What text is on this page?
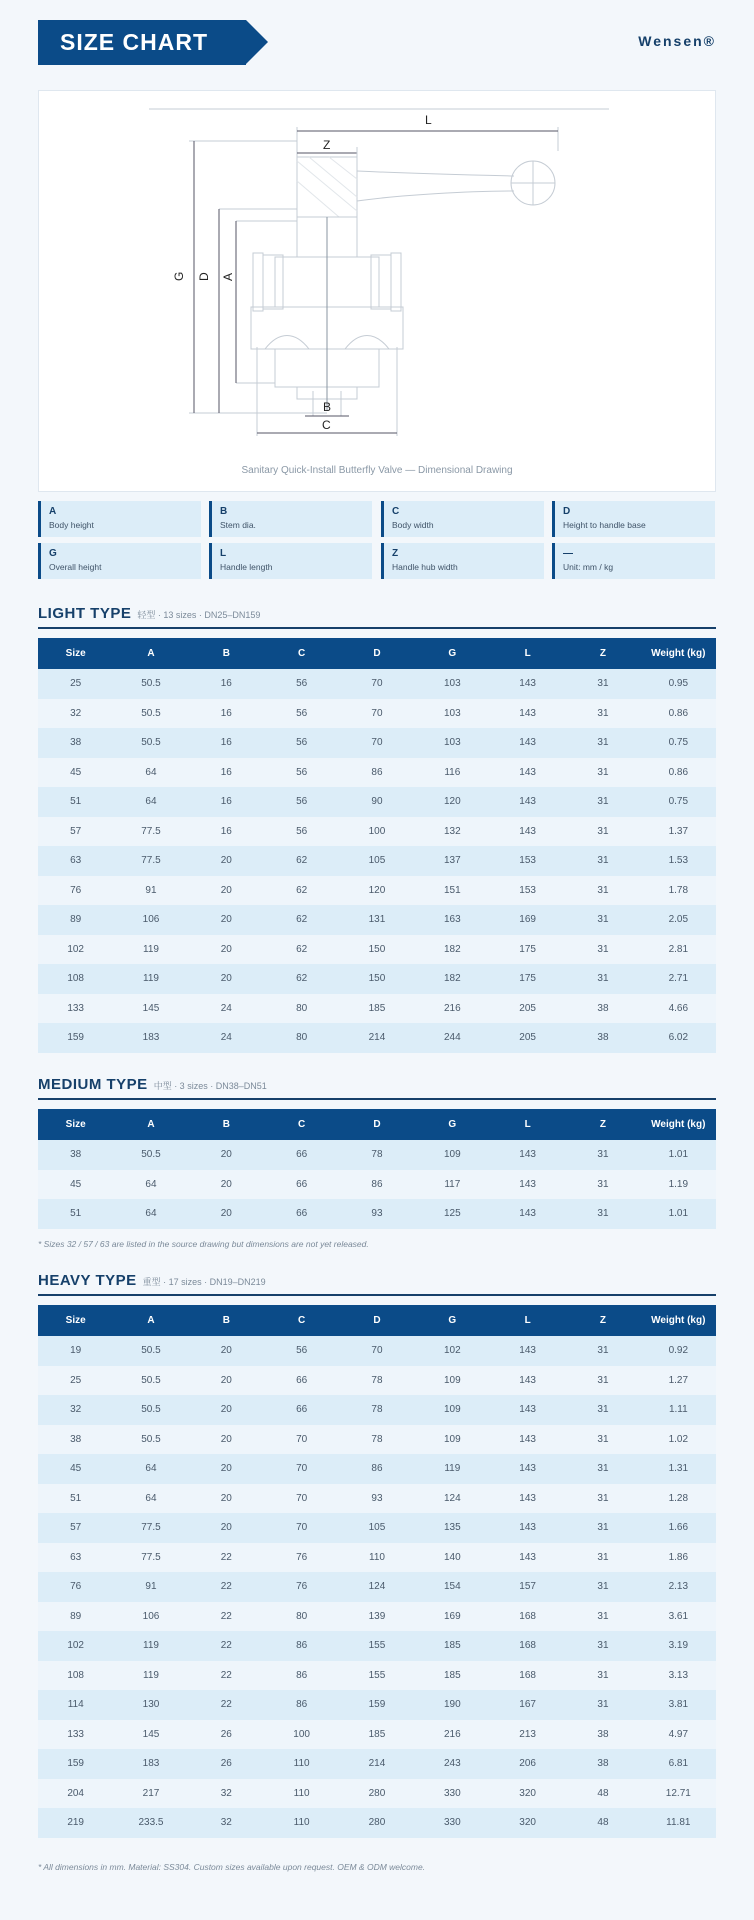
SIZE CHART	Wensen®
L
Z
G D A
B
C
Sanitary Quick-Install Butterfly Valve — Dimensional Drawing
A
Body height
B
Stem dia.
C
Body width
D
Height to handle base
G
Overall height
L
Handle length
Z
Handle hub width
—
Unit: mm / kg
LIGHT TYPE 轻型 · 13 sizes · DN25–DN159
Size	A	B	C	D	G	L	Z	Weight (kg)
25	50.5	16	56	70	103	143	31	0.95
32	50.5	16	56	70	103	143	31	0.86
38	50.5	16	56	70	103	143	31	0.75
45	64	16	56	86	116	143	31	0.86
51	64	16	56	90	120	143	31	0.75
57	77.5	16	56	100	132	143	31	1.37
63	77.5	20	62	105	137	153	31	1.53
76	91	20	62	120	151	153	31	1.78
89	106	20	62	131	163	169	31	2.05
102	119	20	62	150	182	175	31	2.81
108	119	20	62	150	182	175	31	2.71
133	145	24	80	185	216	205	38	4.66
159	183	24	80	214	244	205	38	6.02
MEDIUM TYPE 中型 · 3 sizes · DN38–DN51
Size	A	B	C	D	G	L	Z	Weight (kg)
38	50.5	20	66	78	109	143	31	1.01
45	64	20	66	86	117	143	31	1.19
51	64	20	66	93	125	143	31	1.01
* Sizes 32 / 57 / 63 are listed in the source drawing but dimensions are not yet released.
HEAVY TYPE 重型 · 17 sizes · DN19–DN219
Size	A	B	C	D	G	L	Z	Weight (kg)
19	50.5	20	56	70	102	143	31	0.92
25	50.5	20	66	78	109	143	31	1.27
32	50.5	20	66	78	109	143	31	1.11
38	50.5	20	70	78	109	143	31	1.02
45	64	20	70	86	119	143	31	1.31
51	64	20	70	93	124	143	31	1.28
57	77.5	20	70	105	135	143	31	1.66
63	77.5	22	76	110	140	143	31	1.86
76	91	22	76	124	154	157	31	2.13
89	106	22	80	139	169	168	31	3.61
102	119	22	86	155	185	168	31	3.19
108	119	22	86	155	185	168	31	3.13
114	130	22	86	159	190	167	31	3.81
133	145	26	100	185	216	213	38	4.97
159	183	26	110	214	243	206	38	6.81
204	217	32	110	280	330	320	48	12.71
219	233.5	32	110	280	330	320	48	11.81
* All dimensions in mm. Material: SS304. Custom sizes available upon request. OEM & ODM welcome.
